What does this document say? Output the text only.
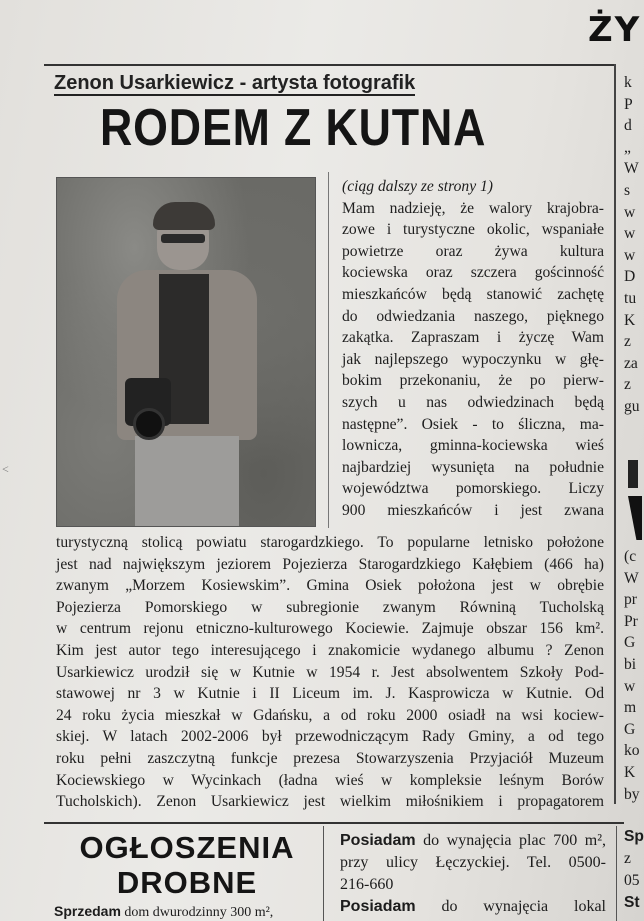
ŻY
Zenon Usarkiewicz - artysta fotografik
RODEM Z KUTNA
(ciąg dalszy ze strony 1)
Mam nadzieję, że walory krajobra-
zowe i turystyczne okolic, wspaniałe
powietrze oraz żywa kultura
kociewska oraz szczera gościnność
mieszkańców będą stanowić zachętę
do odwiedzania naszego, pięknego
zakątka. Zapraszam i życzę Wam
jak najlepszego wypoczynku w głę-
bokim przekonaniu, że po pierw-
szych u nas odwiedzinach będą
następne”. Osiek - to śliczna, ma-
lownicza, gminna-kociewska wieś
najbardziej wysunięta na południe
województwa pomorskiego. Liczy
900 mieszkańców i jest zwana
turystyczną stolicą powiatu starogardzkiego. To popularne letnisko położone
jest nad największym jeziorem Pojezierza Starogardzkiego Kałębiem (466 ha)
zwanym „Morzem Kosiewskim”. Gmina Osiek położona jest w obrębie
Pojezierza Pomorskiego w subregionie zwanym Równiną Tucholską
w centrum rejonu etniczno-kulturowego Kociewie. Zajmuje obszar 156 km².
Kim jest autor tego interesującego i znakomicie wydanego albumu ? Zenon
Usarkiewicz urodził się w Kutnie w 1954 r. Jest absolwentem Szkoły Pod-
stawowej nr 3 w Kutnie i II Liceum im. J. Kasprowicza w Kutnie. Od
24 roku życia mieszkał w Gdańsku, a od roku 2000 osiadł na wsi kociew-
skiej. W latach 2002-2006 był przewodniczącym Rady Gminy, a od tego
roku pełni zaszczytną funkcje prezesa Stowarzyszenia Przyjaciół Muzeum
Kociewskiego w Wycinkach (ładna wieś w kompleksie leśnym Borów
Tucholskich). Zenon Usarkiewicz jest wielkim miłośnikiem i propagatorem
k
P
d
„
W
s
w
w
w
D
tu
K
z
za
z
gu
(c
W
pr
Pr
G
bi
w
m
G
ko
K
by
<
OGŁOSZENIA
DROBNE
Sprzedam dom dwurodzinny 300 m²,
Posiadam do wynajęcia plac 700 m²,
przy ulicy Łęczyckiej. Tel. 0500-
216-660
Posiadam do wynajęcia lokal
Sp
z
05
St
